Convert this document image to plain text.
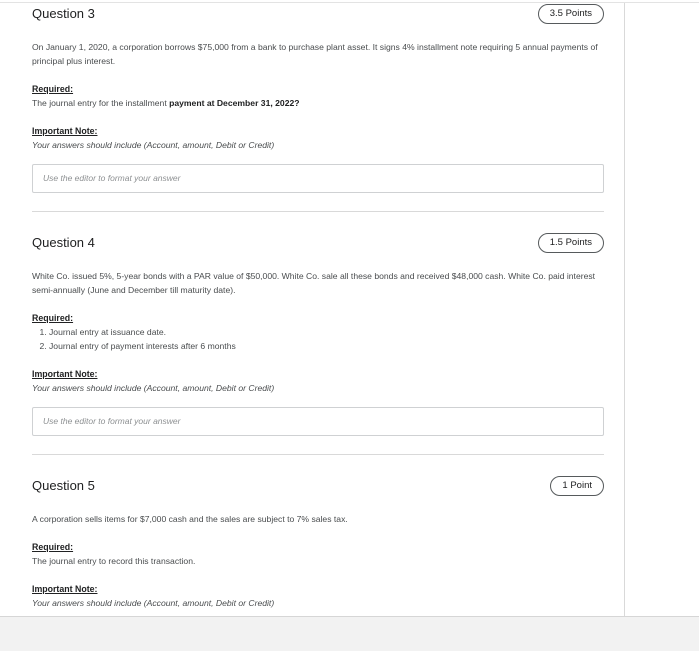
Question 3	3.5 Points

On January 1, 2020, a corporation borrows $75,000 from a bank to purchase plant asset. It signs 4% installment note requiring 5 annual payments of principal plus interest.

Required:

The journal entry for the installment payment at December 31, 2022?

Important Note:

Your answers should include (Account, amount, Debit or Credit)

Use the editor to format your answer
Question 4	1.5 Points

White Co. issued 5%, 5-year bonds with a PAR value of $50,000. White Co. sale all these bonds and received $48,000 cash. White Co. paid interest semi-annually (June and December till maturity date).

Required:
1. Journal entry at issuance date.
2. Journal entry of payment interests after 6 months
Important Note:

Your answers should include (Account, amount, Debit or Credit)

Use the editor to format your answer
Question 5	1 Point

A corporation sells items for $7,000 cash and the sales are subject to 7% sales tax.

Required:

The journal entry to record this transaction.

Important Note:

Your answers should include (Account, amount, Debit or Credit)
